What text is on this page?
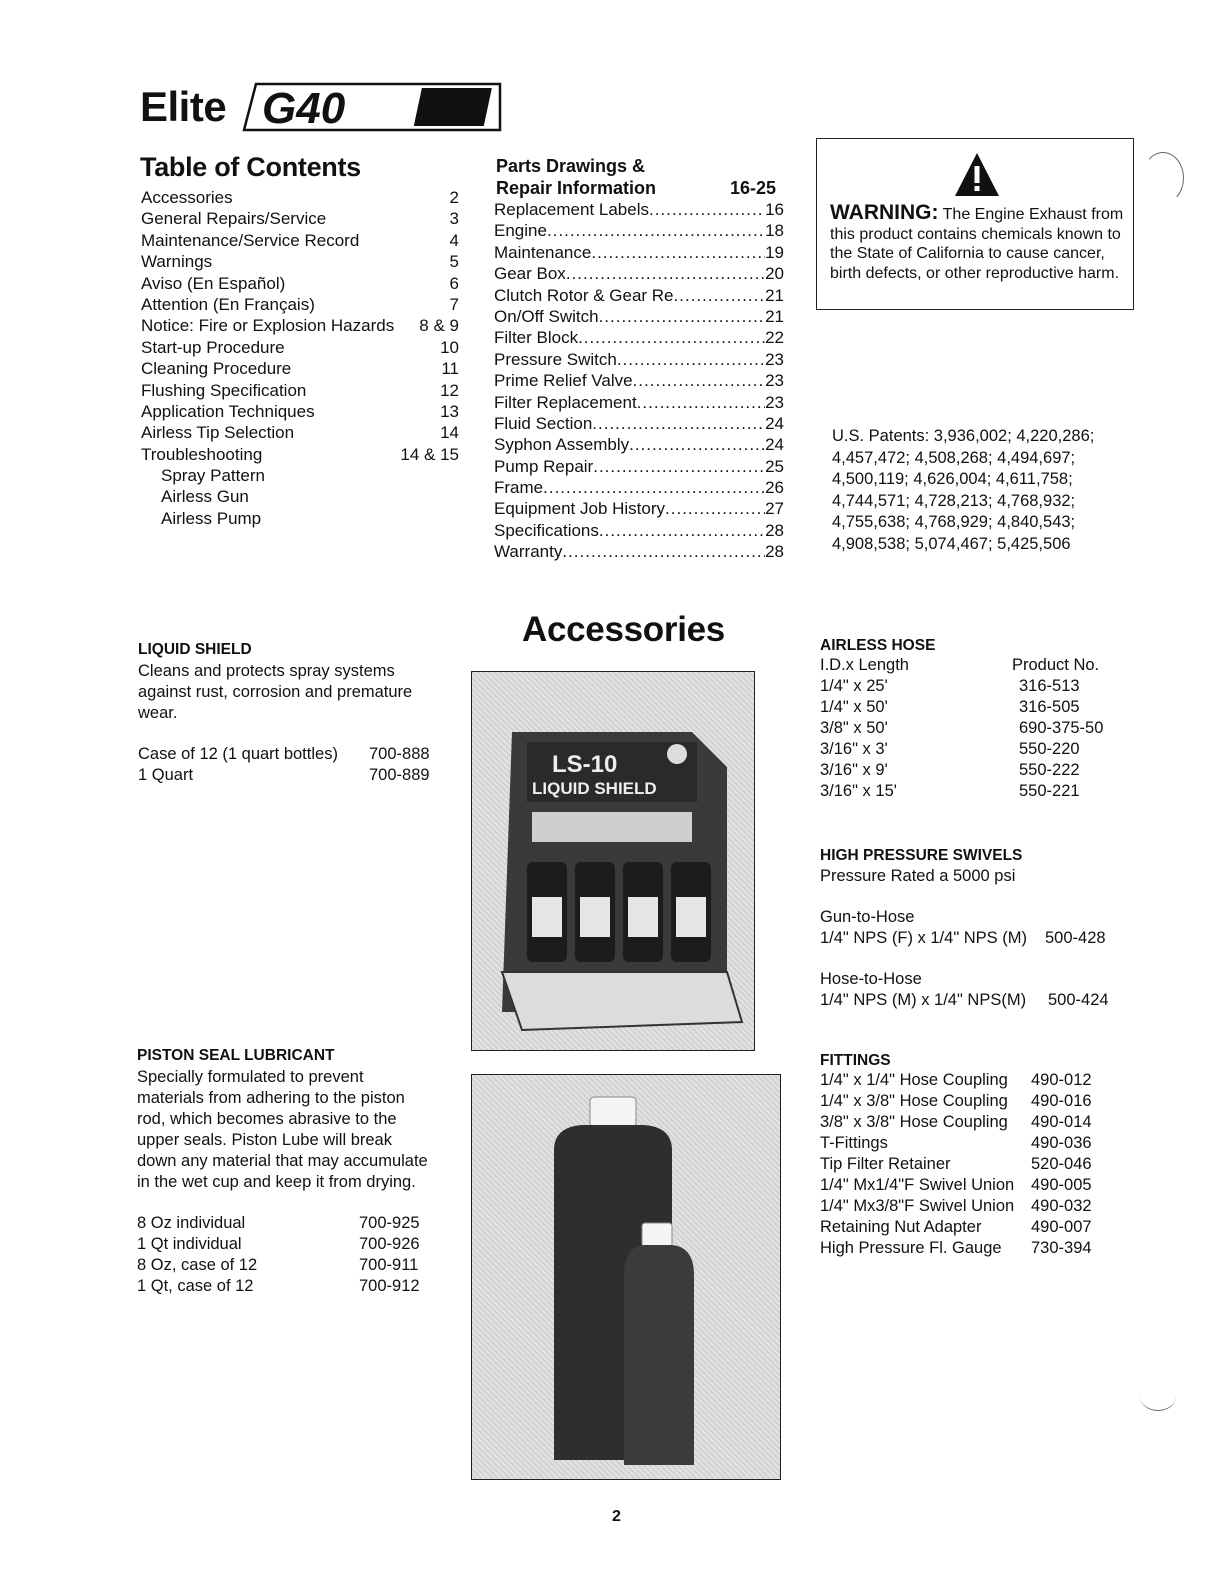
Elite G40
Table of Contents
Accessories	2
General Repairs/Service	3
Maintenance/Service Record	4
Warnings	5
Aviso (En Español)	6
Attention (En Français)	7
Notice: Fire or Explosion Hazards 8 & 9
Start-up Procedure	10
Cleaning Procedure	11
Flushing Specification	12
Application Techniques	13
Airless Tip Selection	14
Troubleshooting	14 & 15
Spray Pattern
Airless Gun
Airless Pump
Parts Drawings &
Repair Information	16-25
Replacement Labels .....	16
Engine .....	18
Maintenance .....	19
Gear Box .....	20
Clutch Rotor & Gear Re .....	21
On/Off Switch .....	21
Filter Block .....	22
Pressure Switch .....	23
Prime Relief Valve .....	23
Filter Replacement .....	23
Fluid Section .....	24
Syphon Assembly .....	24
Pump Repair .....	25
Frame .....	26
Equipment Job History .....	27
Specifications .....	28
Warranty .....	28
WARNING: The Engine Exhaust from this product contains chemicals known to the State of California to cause cancer, birth defects, or other reproductive harm.
U.S. Patents: 3,936,002; 4,220,286; 4,457,472; 4,508,268; 4,494,697; 4,500,119; 4,626,004; 4,611,758; 4,744,571; 4,728,213; 4,768,932; 4,755,638; 4,768,929; 4,840,543; 4,908,538; 5,074,467; 5,425,506
Accessories
LIQUID SHIELD
Cleans and protects spray systems against rust, corrosion and premature wear.
Case of 12 (1 quart bottles) 700-888
1 Quart	700-889	LS-10
LIQUID SHIELD
PISTON SEAL LUBRICANT
Specially formulated to prevent materials from adhering to the piston rod, which becomes abrasive to the upper seals. Piston Lube will break down any material that may accumulate in the wet cup and keep it from drying.
8 Oz individual	700-925
1 Qt individual	700-926
8 Oz, case of 12	700-911
1 Qt, case of 12	700-912
AIRLESS HOSE
I.D.x Length	Product No.
1/4" x 25'	316-513
1/4" x 50'	316-505
3/8" x 50'	690-375-50
3/16" x 3'	550-220
3/16" x 9'	550-222
3/16" x 15'	550-221
HIGH PRESSURE SWIVELS
Pressure Rated a 5000 psi
Gun-to-Hose
1/4" NPS (F) x 1/4" NPS (M) 500-428
Hose-to-Hose
1/4" NPS (M) x 1/4" NPS(M) 500-424
FITTINGS
1/4" x 1/4" Hose Coupling 490-012
1/4" x 3/8" Hose Coupling 490-016
3/8" x 3/8" Hose Coupling 490-014
T-Fittings	490-036
Tip Filter Retainer	520-046
1/4" Mx1/4"F Swivel Union 490-005
1/4" Mx3/8"F Swivel Union 490-032
Retaining Nut Adapter	490-007
High Pressure Fl. Gauge 730-394
2
